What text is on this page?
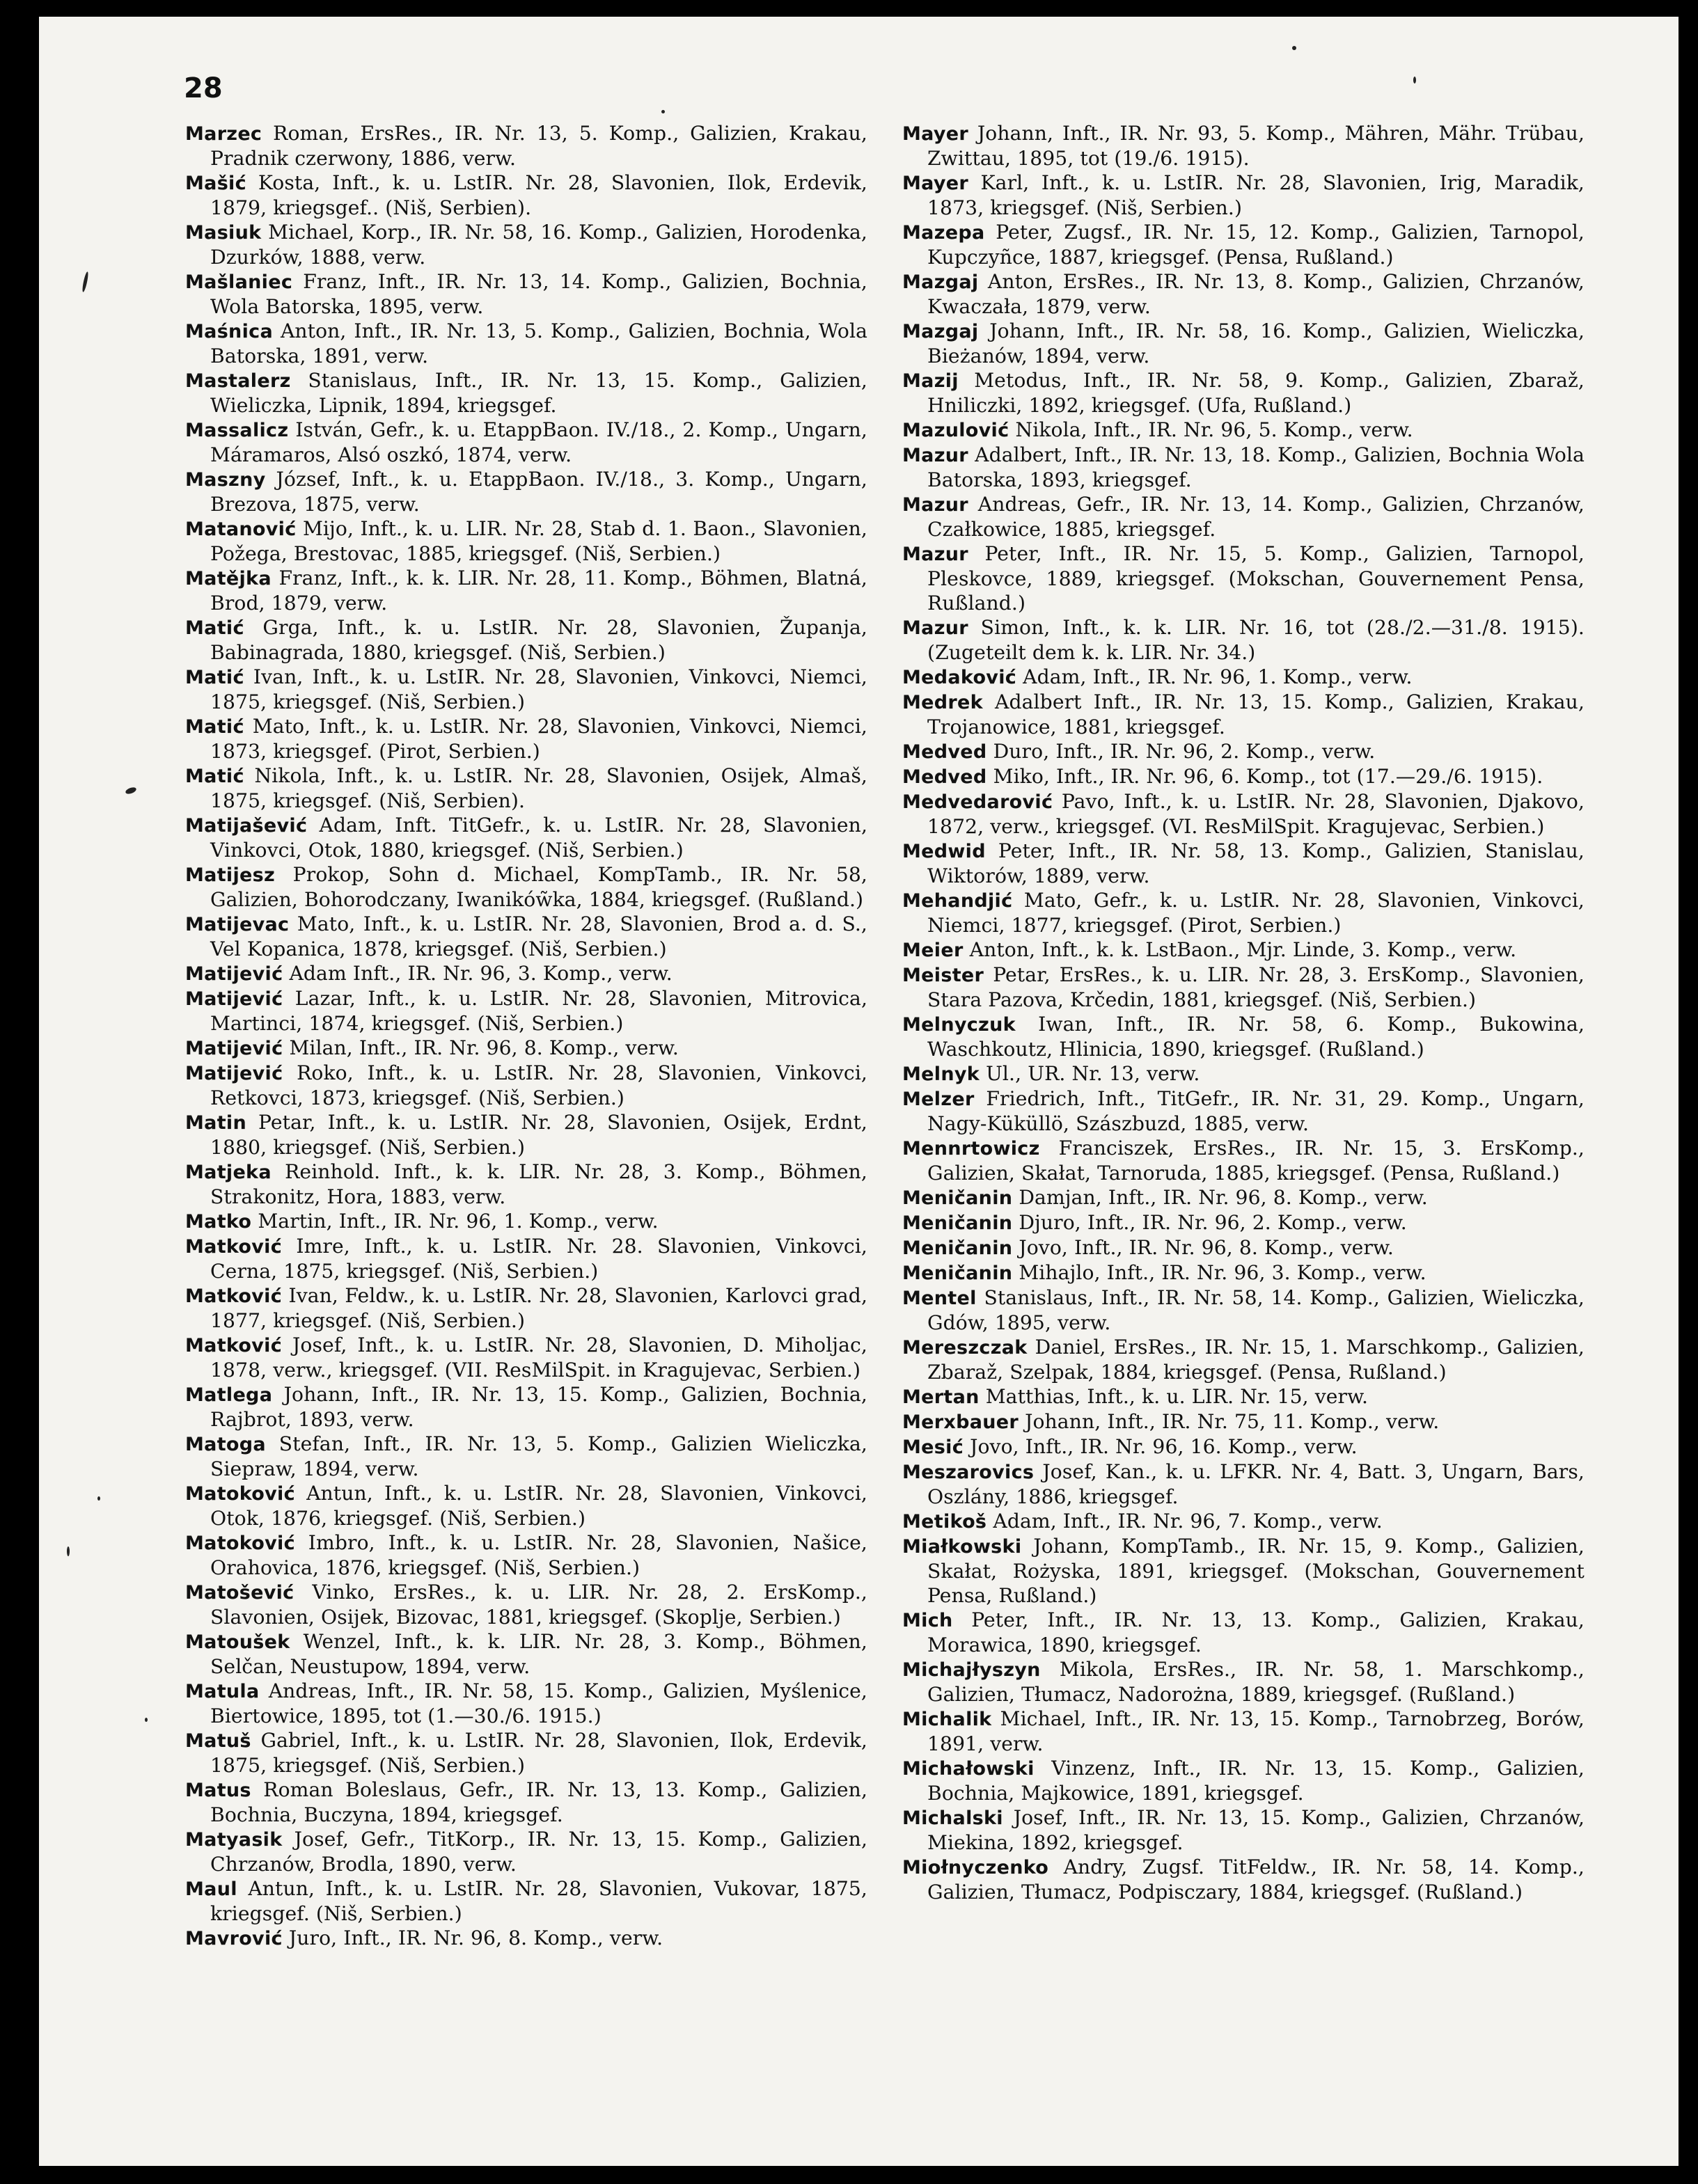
28
Marzec Roman, ErsRes., IR. Nr. 13, 5. Komp., Galizien, Krakau, Pradnik czerwony, 1886, verw.
Mašić Kosta, Inft., k. u. LstIR. Nr. 28, Slavonien, Ilok, Erdevik, 1879, kriegsgef.. (Niš, Serbien).
Masiuk Michael, Korp., IR. Nr. 58, 16. Komp., Galizien, Horodenka, Dzurków, 1888, verw.
Mašlaniec Franz, Inft., IR. Nr. 13, 14. Komp., Galizien, Bochnia, Wola Batorska, 1895, verw.
Maśnica Anton, Inft., IR. Nr. 13, 5. Komp., Galizien, Bochnia, Wola Batorska, 1891, verw.
Mastalerz Stanislaus, Inft., IR. Nr. 13, 15. Komp., Galizien, Wieliczka, Lipnik, 1894, kriegsgef.
Massalicz István, Gefr., k. u. EtappBaon. IV./18., 2. Komp., Ungarn, Máramaros, Alsó oszkó, 1874, verw.
Maszny József, Inft., k. u. EtappBaon. IV./18., 3. Komp., Ungarn, Brezova, 1875, verw.
Matanović Mijo, Inft., k. u. LIR. Nr. 28, Stab d. 1. Baon., Slavonien, Požega, Brestovac, 1885, kriegsgef. (Niš, Serbien.)
Matějka Franz, Inft., k. k. LIR. Nr. 28, 11. Komp., Böhmen, Blatná, Brod, 1879, verw.
Matić Grga, Inft., k. u. LstIR. Nr. 28, Slavonien, Županja, Babinagrada, 1880, kriegsgef. (Niš, Serbien.)
Matić Ivan, Inft., k. u. LstIR. Nr. 28, Slavonien, Vinkovci, Niemci, 1875, kriegsgef. (Niš, Serbien.)
Matić Mato, Inft., k. u. LstIR. Nr. 28, Slavonien, Vinkovci, Niemci, 1873, kriegsgef. (Pirot, Serbien.)
Matić Nikola, Inft., k. u. LstIR. Nr. 28, Slavonien, Osijek, Almaš, 1875, kriegsgef. (Niš, Serbien).
Matijašević Adam, Inft. TitGefr., k. u. LstIR. Nr. 28, Slavonien, Vinkovci, Otok, 1880, kriegsgef. (Niš, Serbien.)
Matijesz Prokop, Sohn d. Michael, KompTamb., IR. Nr. 58, Galizien, Bohorodczany, Iwaników̃ka, 1884, kriegsgef. (Rußland.)
Matijevac Mato, Inft., k. u. LstIR. Nr. 28, Slavonien, Brod a. d. S., Vel Kopanica, 1878, kriegsgef. (Niš, Serbien.)
Matijević Adam Inft., IR. Nr. 96, 3. Komp., verw.
Matijević Lazar, Inft., k. u. LstIR. Nr. 28, Slavonien, Mitrovica, Martinci, 1874, kriegsgef. (Niš, Serbien.)
Matijević Milan, Inft., IR. Nr. 96, 8. Komp., verw.
Matijević Roko, Inft., k. u. LstIR. Nr. 28, Slavonien, Vinkovci, Retkovci, 1873, kriegsgef. (Niš, Serbien.)
Matin Petar, Inft., k. u. LstIR. Nr. 28, Slavonien, Osijek, Erdnt, 1880, kriegsgef. (Niš, Serbien.)
Matjeka Reinhold. Inft., k. k. LIR. Nr. 28, 3. Komp., Böhmen, Strakonitz, Hora, 1883, verw.
Matko Martin, Inft., IR. Nr. 96, 1. Komp., verw.
Matković Imre, Inft., k. u. LstIR. Nr. 28. Slavonien, Vinkovci, Cerna, 1875, kriegsgef. (Niš, Serbien.)
Matković Ivan, Feldw., k. u. LstIR. Nr. 28, Slavonien, Karlovci grad, 1877, kriegsgef. (Niš, Serbien.)
Matković Josef, Inft., k. u. LstIR. Nr. 28, Slavonien, D. Miholjac, 1878, verw., kriegsgef. (VII. ResMilSpit. in Kragujevac, Serbien.)
Matlega Johann, Inft., IR. Nr. 13, 15. Komp., Galizien, Bochnia, Rajbrot, 1893, verw.
Matoga Stefan, Inft., IR. Nr. 13, 5. Komp., Galizien Wieliczka, Siepraw, 1894, verw.
Matoković Antun, Inft., k. u. LstIR. Nr. 28, Slavonien, Vinkovci, Otok, 1876, kriegsgef. (Niš, Serbien.)
Matoković Imbro, Inft., k. u. LstIR. Nr. 28, Slavonien, Našice, Orahovica, 1876, kriegsgef. (Niš, Serbien.)
Matošević Vinko, ErsRes., k. u. LIR. Nr. 28, 2. ErsKomp., Slavonien, Osijek, Bizovac, 1881, kriegsgef. (Skoplje, Serbien.)
Matoušek Wenzel, Inft., k. k. LIR. Nr. 28, 3. Komp., Böhmen, Selčan, Neustupow, 1894, verw.
Matula Andreas, Inft., IR. Nr. 58, 15. Komp., Galizien, Myślenice, Biertowice, 1895, tot (1.—30./6. 1915.)
Matuš Gabriel, Inft., k. u. LstIR. Nr. 28, Slavonien, Ilok, Erdevik, 1875, kriegsgef. (Niš, Serbien.)
Matus Roman Boleslaus, Gefr., IR. Nr. 13, 13. Komp., Galizien, Bochnia, Buczyna, 1894, kriegsgef.
Matyasik Josef, Gefr., TitKorp., IR. Nr. 13, 15. Komp., Galizien, Chrzanów, Brodla, 1890, verw.
Maul Antun, Inft., k. u. LstIR. Nr. 28, Slavonien, Vukovar, 1875, kriegsgef. (Niš, Serbien.)
Mavrović Juro, Inft., IR. Nr. 96, 8. Komp., verw.
Mayer Johann, Inft., IR. Nr. 93, 5. Komp., Mähren, Mähr. Trübau, Zwittau, 1895, tot (19./6. 1915).
Mayer Karl, Inft., k. u. LstIR. Nr. 28, Slavonien, Irig, Maradik, 1873, kriegsgef. (Niš, Serbien.)
Mazepa Peter, Zugsf., IR. Nr. 15, 12. Komp., Galizien, Tarnopol, Kupczyñce, 1887, kriegsgef. (Pensa, Rußland.)
Mazgaj Anton, ErsRes., IR. Nr. 13, 8. Komp., Galizien, Chrzanów, Kwaczała, 1879, verw.
Mazgaj Johann, Inft., IR. Nr. 58, 16. Komp., Galizien, Wieliczka, Bieżanów, 1894, verw.
Mazij Metodus, Inft., IR. Nr. 58, 9. Komp., Galizien, Zbaraž, Hniliczki, 1892, kriegsgef. (Ufa, Rußland.)
Mazulović Nikola, Inft., IR. Nr. 96, 5. Komp., verw.
Mazur Adalbert, Inft., IR. Nr. 13, 18. Komp., Galizien, Bochnia Wola Batorska, 1893, kriegsgef.
Mazur Andreas, Gefr., IR. Nr. 13, 14. Komp., Galizien, Chrzanów, Czałkowice, 1885, kriegsgef.
Mazur Peter, Inft., IR. Nr. 15, 5. Komp., Galizien, Tarnopol, Pleskovce, 1889, kriegsgef. (Mokschan, Gouvernement Pensa, Rußland.)
Mazur Simon, Inft., k. k. LIR. Nr. 16, tot (28./2.—31./8. 1915). (Zugeteilt dem k. k. LIR. Nr. 34.)
Medaković Adam, Inft., IR. Nr. 96, 1. Komp., verw.
Medrek Adalbert Inft., IR. Nr. 13, 15. Komp., Galizien, Krakau, Trojanowice, 1881, kriegsgef.
Medved Duro, Inft., IR. Nr. 96, 2. Komp., verw.
Medved Miko, Inft., IR. Nr. 96, 6. Komp., tot (17.—29./6. 1915).
Medvedarović Pavo, Inft., k. u. LstIR. Nr. 28, Slavonien, Djakovo, 1872, verw., kriegsgef. (VI. ResMilSpit. Kragujevac, Serbien.)
Medwid Peter, Inft., IR. Nr. 58, 13. Komp., Galizien, Stanislau, Wiktorów, 1889, verw.
Mehandjić Mato, Gefr., k. u. LstIR. Nr. 28, Slavonien, Vinkovci, Niemci, 1877, kriegsgef. (Pirot, Serbien.)
Meier Anton, Inft., k. k. LstBaon., Mjr. Linde, 3. Komp., verw.
Meister Petar, ErsRes., k. u. LIR. Nr. 28, 3. ErsKomp., Slavonien, Stara Pazova, Krčedin, 1881, kriegsgef. (Niš, Serbien.)
Melnyczuk Iwan, Inft., IR. Nr. 58, 6. Komp., Bukowina, Waschkoutz, Hlinicia, 1890, kriegsgef. (Rußland.)
Melnyk Ul., UR. Nr. 13, verw.
Melzer Friedrich, Inft., TitGefr., IR. Nr. 31, 29. Komp., Ungarn, Nagy-Küküllö, Szászbuzd, 1885, verw.
Mennrtowicz Franciszek, ErsRes., IR. Nr. 15, 3. ErsKomp., Galizien, Skałat, Tarnoruda, 1885, kriegsgef. (Pensa, Rußland.)
Meničanin Damjan, Inft., IR. Nr. 96, 8. Komp., verw.
Meničanin Djuro, Inft., IR. Nr. 96, 2. Komp., verw.
Meničanin Jovo, Inft., IR. Nr. 96, 8. Komp., verw.
Meničanin Mihajlo, Inft., IR. Nr. 96, 3. Komp., verw.
Mentel Stanislaus, Inft., IR. Nr. 58, 14. Komp., Galizien, Wieliczka, Gdów, 1895, verw.
Mereszczak Daniel, ErsRes., IR. Nr. 15, 1. Marschkomp., Galizien, Zbaraž, Szelpak, 1884, kriegsgef. (Pensa, Rußland.)
Mertan Matthias, Inft., k. u. LIR. Nr. 15, verw.
Merxbauer Johann, Inft., IR. Nr. 75, 11. Komp., verw.
Mesić Jovo, Inft., IR. Nr. 96, 16. Komp., verw.
Meszarovics Josef, Kan., k. u. LFKR. Nr. 4, Batt. 3, Ungarn, Bars, Oszlány, 1886, kriegsgef.
Metikoš Adam, Inft., IR. Nr. 96, 7. Komp., verw.
Miałkowski Johann, KompTamb., IR. Nr. 15, 9. Komp., Galizien, Skałat, Rożyska, 1891, kriegsgef. (Mokschan, Gouvernement Pensa, Rußland.)
Mich Peter, Inft., IR. Nr. 13, 13. Komp., Galizien, Krakau, Morawica, 1890, kriegsgef.
Michajłyszyn Mikola, ErsRes., IR. Nr. 58, 1. Marschkomp., Galizien, Tłumacz, Nadorożna, 1889, kriegsgef. (Rußland.)
Michalik Michael, Inft., IR. Nr. 13, 15. Komp., Tarnobrzeg, Borów, 1891, verw.
Michałowski Vinzenz, Inft., IR. Nr. 13, 15. Komp., Galizien, Bochnia, Majkowice, 1891, kriegsgef.
Michalski Josef, Inft., IR. Nr. 13, 15. Komp., Galizien, Chrzanów, Miekina, 1892, kriegsgef.
Miołnyczenko Andry, Zugsf. TitFeldw., IR. Nr. 58, 14. Komp., Galizien, Tłumacz, Podpisczary, 1884, kriegsgef. (Rußland.)
